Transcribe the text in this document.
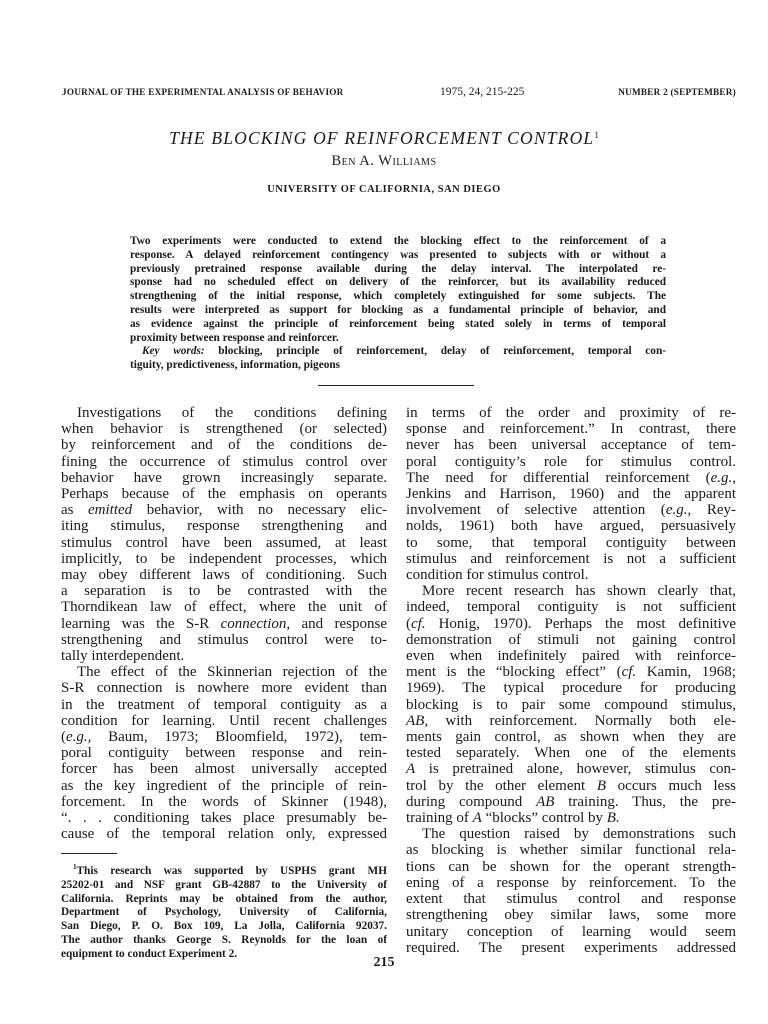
JOURNAL OF THE EXPERIMENTAL ANALYSIS OF BEHAVIOR	1975, 24, 215-225	NUMBER 2 (SEPTEMBER)
THE BLOCKING OF REINFORCEMENT CONTROL$^1$
Ben A. Williams
UNIVERSITY OF CALIFORNIA, SAN DIEGO
Two experiments were conducted to extend the blocking effect to the reinforcement of a
response. A delayed reinforcement contingency was presented to subjects with or without a
previously pretrained response available during the delay interval. The interpolated re-
sponse had no scheduled effect on delivery of the reinforcer, but its availability reduced
strengthening of the initial response, which completely extinguished for some subjects. The
results were interpreted as support for blocking as a fundamental principle of behavior, and
as evidence against the principle of reinforcement being stated solely in terms of temporal
proximity between response and reinforcer.
Key words: blocking, principle of reinforcement, delay of reinforcement, temporal con-
tiguity, predictiveness, information, pigeons
Investigations of the conditions defining
when behavior is strengthened (or selected)
by reinforcement and of the conditions de-
fining the occurrence of stimulus control over
behavior have grown increasingly separate.
Perhaps because of the emphasis on operants
as emitted behavior, with no necessary elic-
iting stimulus, response strengthening and
stimulus control have been assumed, at least
implicitly, to be independent processes, which
may obey different laws of conditioning. Such
a separation is to be contrasted with the
Thorndikean law of effect, where the unit of
learning was the S-R connection, and response
strengthening and stimulus control were to-
tally interdependent.
The effect of the Skinnerian rejection of the
S-R connection is nowhere more evident than
in the treatment of temporal contiguity as a
condition for learning. Until recent challenges
(e.g., Baum, 1973; Bloomfield, 1972), tem-
poral contiguity between response and rein-
forcer has been almost universally accepted
as the key ingredient of the principle of rein-
forcement. In the words of Skinner (1948),
“. . . conditioning takes place presumably be-
cause of the temporal relation only, expressed
in terms of the order and proximity of re-
sponse and reinforcement.” In contrast, there
never has been universal acceptance of tem-
poral contiguity’s role for stimulus control.
The need for differential reinforcement (e.g.,
Jenkins and Harrison, 1960) and the apparent
involvement of selective attention (e.g., Rey-
nolds, 1961) both have argued, persuasively
to some, that temporal contiguity between
stimulus and reinforcement is not a sufficient
condition for stimulus control.
More recent research has shown clearly that,
indeed, temporal contiguity is not sufficient
(cf. Honig, 1970). Perhaps the most definitive
demonstration of stimuli not gaining control
even when indefinitely paired with reinforce-
ment is the “blocking effect” (cf. Kamin, 1968;
1969). The typical procedure for producing
blocking is to pair some compound stimulus,
AB, with reinforcement. Normally both ele-
ments gain control, as shown when they are
tested separately. When one of the elements
A is pretrained alone, however, stimulus con-
trol by the other element B occurs much less
during compound AB training. Thus, the pre-
training of A “blocks” control by B.
The question raised by demonstrations such
as blocking is whether similar functional rela-
tions can be shown for the operant strength-
ening of a response by reinforcement. To the
extent that stimulus control and response
strengthening obey similar laws, some more
unitary conception of learning would seem
required. The present experiments addressed
$^1$This research was supported by USPHS grant MH
25202-01 and NSF grant GB-42887 to the University of
California. Reprints may be obtained from the author,
Department of Psychology, University of California,
San Diego, P. O. Box 109, La Jolla, California 92037.
The author thanks George S. Reynolds for the loan of
equipment to conduct Experiment 2.
215
